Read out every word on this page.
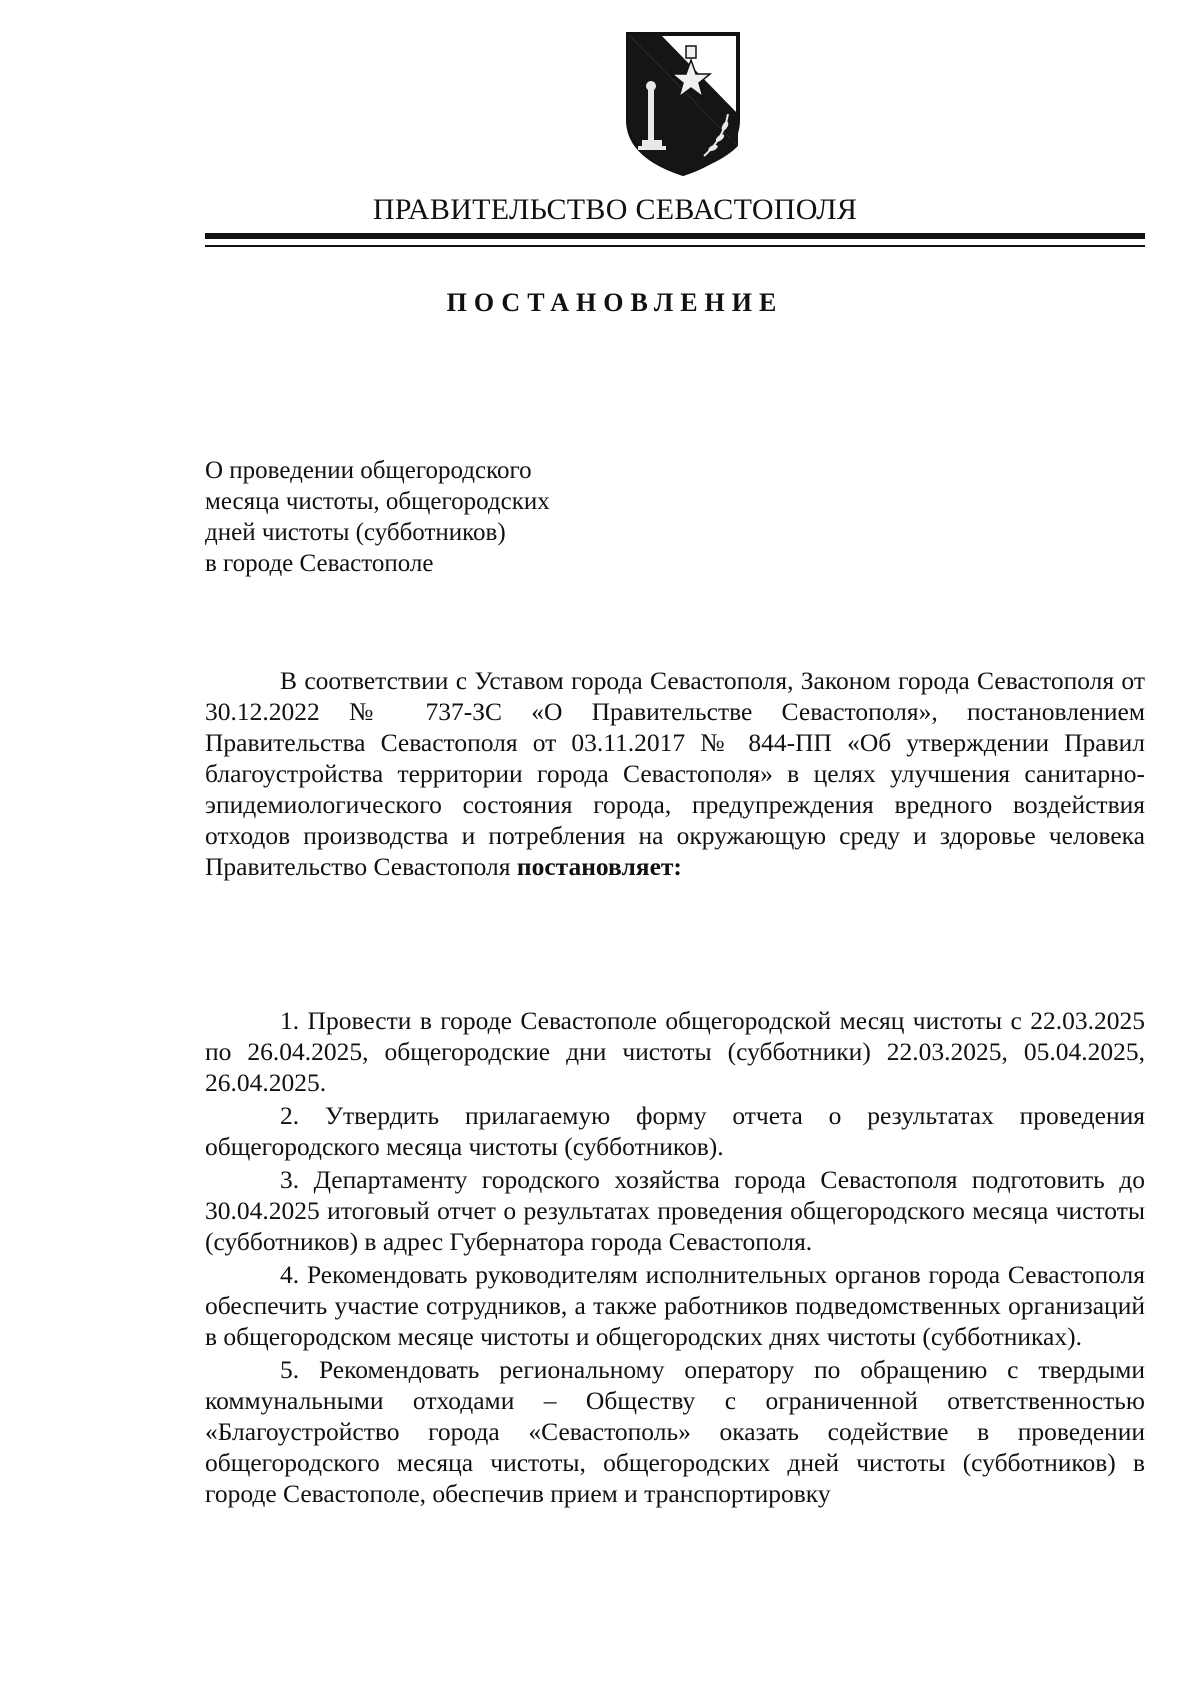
ПРАВИТЕЛЬСТВО СЕВАСТОПОЛЯ
ПОСТАНОВЛЕНИЕ
О проведении общегородского
месяца чистоты, общегородских
дней чистоты (субботников)
в городе Севастополе

В соответствии с Уставом города Севастополя, Законом города Севастополя от 30.12.2022 № 737-ЗС «О Правительстве Севастополя», постановлением Правительства Севастополя от 03.11.2017 № 844-ПП «Об утверждении Правил благоустройства территории города Севастополя» в целях улучшения санитарно-эпидемиологического состояния города, предупреждения вредного воздействия отходов производства и потребления на окружающую среду и здоровье человека Правительство Севастополя постановляет:

1. Провести в городе Севастополе общегородской месяц чистоты с 22.03.2025 по 26.04.2025, общегородские дни чистоты (субботники) 22.03.2025, 05.04.2025, 26.04.2025.

2. Утвердить прилагаемую форму отчета о результатах проведения общегородского месяца чистоты (субботников).

3. Департаменту городского хозяйства города Севастополя подготовить до 30.04.2025 итоговый отчет о результатах проведения общегородского месяца чистоты (субботников) в адрес Губернатора города Севастополя.

4. Рекомендовать руководителям исполнительных органов города Севастополя обеспечить участие сотрудников, а также работников подведомственных организаций в общегородском месяце чистоты и общегородских днях чистоты (субботниках).

5. Рекомендовать региональному оператору по обращению с твердыми коммунальными отходами – Обществу с ограниченной ответственностью «Благоустройство города «Севастополь» оказать содействие в проведении общегородского месяца чистоты, общегородских дней чистоты (субботников) в городе Севастополе, обеспечив прием и транспортировку
